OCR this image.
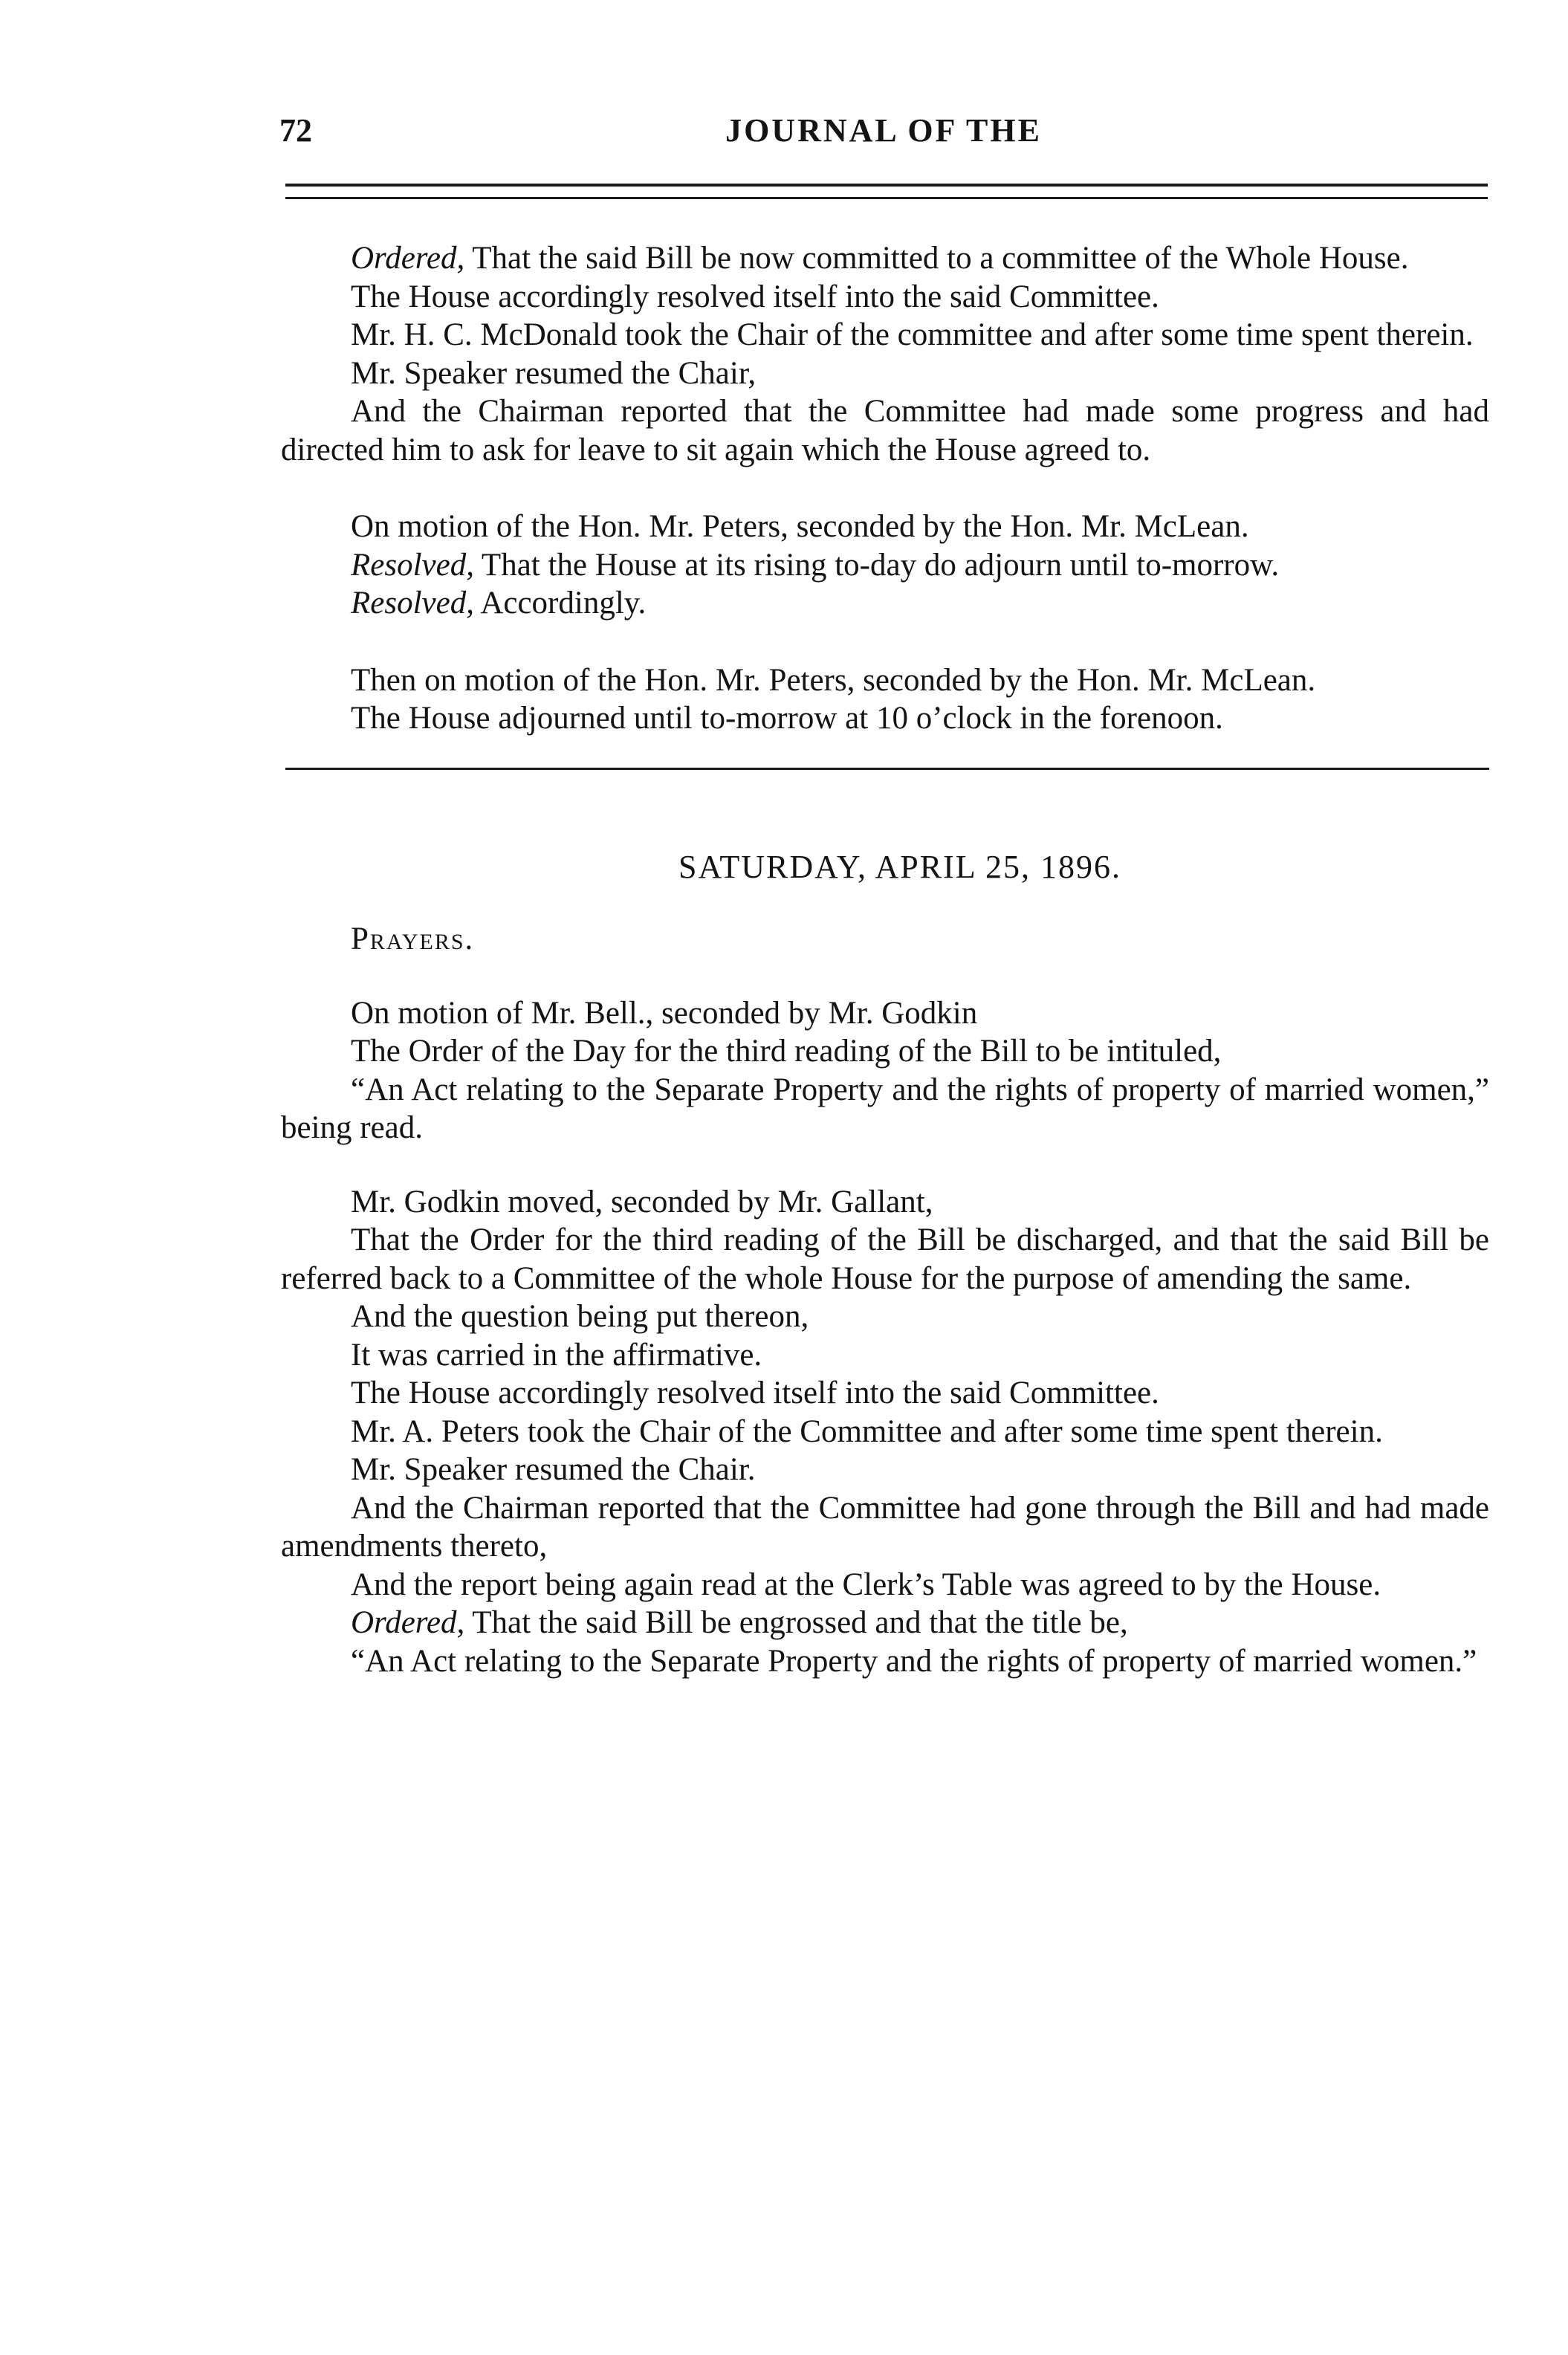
72	JOURNAL OF THE

Ordered, That the said Bill be now committed to a committee of the Whole House.

The House accordingly resolved itself into the said Committee.

Mr. H. C. McDonald took the Chair of the committee and after some time spent therein.

Mr. Speaker resumed the Chair,

And the Chairman reported that the Committee had made some progress and had directed him to ask for leave to sit again which the House agreed to.

On motion of the Hon. Mr. Peters, seconded by the Hon. Mr. McLean.

Resolved, That the House at its rising to-day do adjourn until to-morrow.

Resolved, Accordingly.

Then on motion of the Hon. Mr. Peters, seconded by the Hon. Mr. McLean.

The House adjourned until to-morrow at 10 o’clock in the forenoon.

SATURDAY, APRIL 25, 1896.
Prayers.

On motion of Mr. Bell., seconded by Mr. Godkin

The Order of the Day for the third reading of the Bill to be intituled,

“An Act relating to the Separate Property and the rights of property of married women,” being read.

Mr. Godkin moved, seconded by Mr. Gallant,

That the Order for the third reading of the Bill be discharged, and that the said Bill be referred back to a Committee of the whole House for the purpose of amending the same.

And the question being put thereon,

It was carried in the affirmative.

The House accordingly resolved itself into the said Committee.

Mr. A. Peters took the Chair of the Committee and after some time spent therein.

Mr. Speaker resumed the Chair.

And the Chairman reported that the Committee had gone through the Bill and had made amendments thereto,

And the report being again read at the Clerk’s Table was agreed to by the House.

Ordered, That the said Bill be engrossed and that the title be,

“An Act relating to the Separate Property and the rights of property of married women.”
